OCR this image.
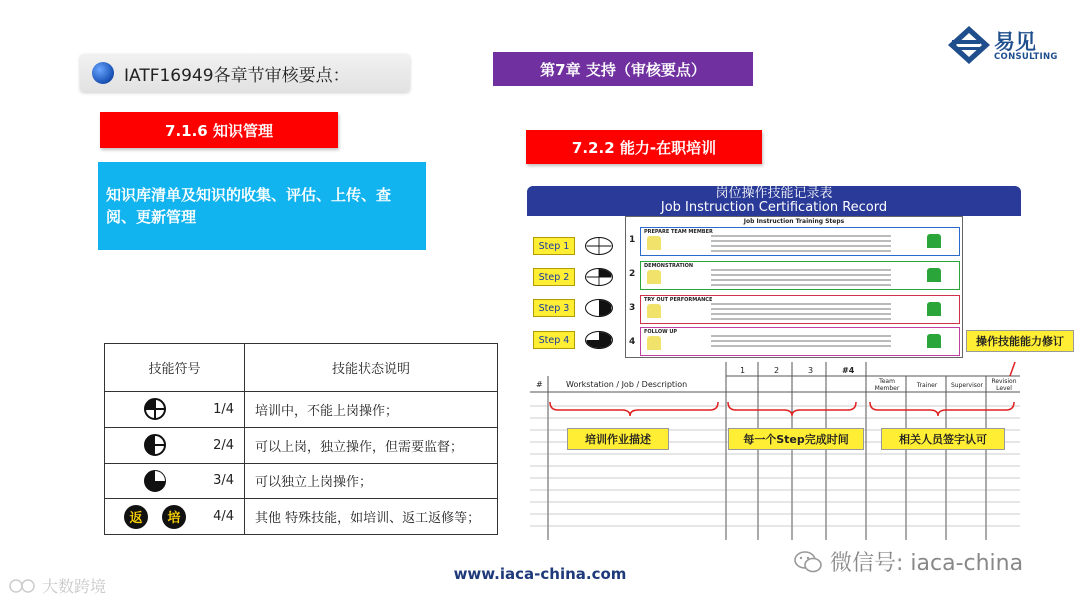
IATF16949各章节审核要点：	第7章 支持（审核要点）
易见
CONSULTING
7.1.6 知识管理
知识库清单及知识的收集、评估、上传、查阅、更新管理
技能符号	技能状态说明

1/4	培训中，不能上岗操作；

2/4	可以上岗，独立操作，但需要监督；

3/4	可以独立上岗操作；

返 培 4/4	其他 特殊技能，如培训、返工返修等；
7.2.2 能力-在职培训
岗位操作技能记录表
Job Instruction Certification Record
Step 1
Step 2
Step 3
Step 4
Job Instruction Training Steps
1
PREPARE TEAM MEMBER
2
DEMONSTRATION
3
TRY OUT PERFORMANCE
4
FOLLOW UP
操作技能能力修订
#	Workstation / Job / Description
1	2	3	#4
Team Member	Trainer	Supervisor
Revision Level
培训作业描述	每一个Step完成时间	相关人员签字认可
www.iaca-china.com	微信号: iaca-china
大数跨境
